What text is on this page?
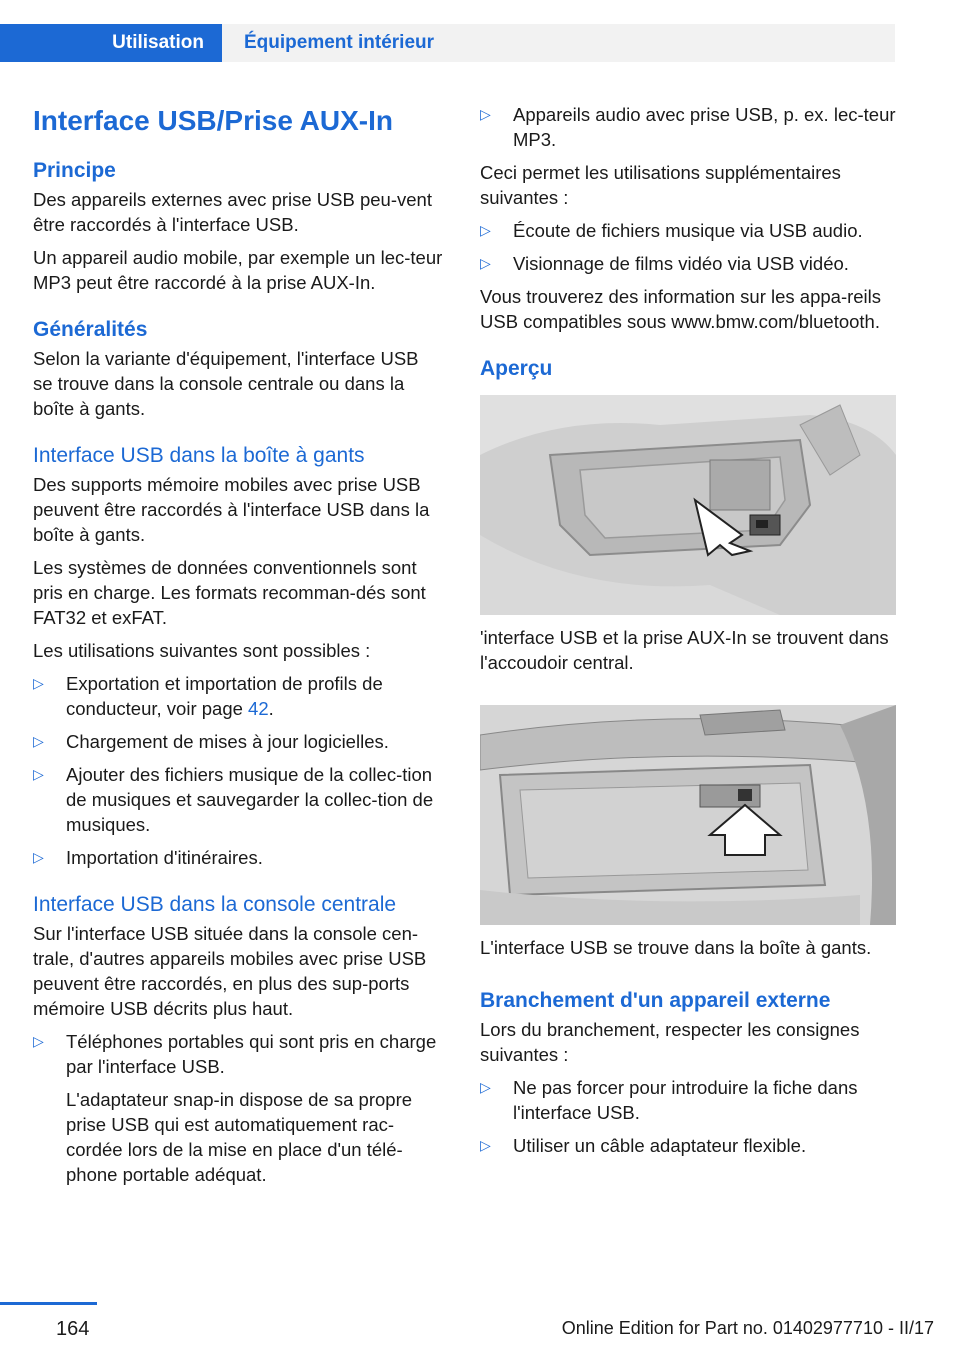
Utilisation	Équipement intérieur
Interface USB/Prise AUX-In
Principe

Des appareils externes avec prise USB peu-vent être raccordés à l'interface USB.

Un appareil audio mobile, par exemple un lec-teur MP3 peut être raccordé à la prise AUX-In.

Généralités

Selon la variante d'équipement, l'interface USB se trouve dans la console centrale ou dans la boîte à gants.

Interface USB dans la boîte à gants

Des supports mémoire mobiles avec prise USB peuvent être raccordés à l'interface USB dans la boîte à gants.

Les systèmes de données conventionnels sont pris en charge. Les formats recomman-dés sont FAT32 et exFAT.

Les utilisations suivantes sont possibles :

▷ Exportation et importation de profils de conducteur, voir page 42.
▷ Chargement de mises à jour logicielles.
▷ Ajouter des fichiers musique de la collec-tion de musiques et sauvegarder la collec-tion de musiques.
▷ Importation d'itinéraires.
Interface USB dans la console centrale

Sur l'interface USB située dans la console cen-trale, d'autres appareils mobiles avec prise USB peuvent être raccordés, en plus des sup-ports mémoire USB décrits plus haut.

▷ Téléphones portables qui sont pris en charge par l'interface USB.
L'adaptateur snap-in dispose de sa propre prise USB qui est automatiquement rac-cordée lors de la mise en place d'un télé-phone portable adéquat.
▷ Appareils audio avec prise USB, p. ex. lec-teur MP3.

Ceci permet les utilisations supplémentaires suivantes :

▷ Écoute de fichiers musique via USB audio.
▷ Visionnage de films vidéo via USB vidéo.

Vous trouverez des information sur les appa-reils USB compatibles sous www.bmw.com/bluetooth.

Aperçu

'interface USB et la prise AUX-In se trouvent dans l'accoudoir central.

L'interface USB se trouve dans la boîte à gants.

Branchement d'un appareil externe

Lors du branchement, respecter les consignes suivantes :

▷ Ne pas forcer pour introduire la fiche dans l'interface USB.
▷ Utiliser un câble adaptateur flexible.
164	Online Edition for Part no. 01402977710 - II/17
